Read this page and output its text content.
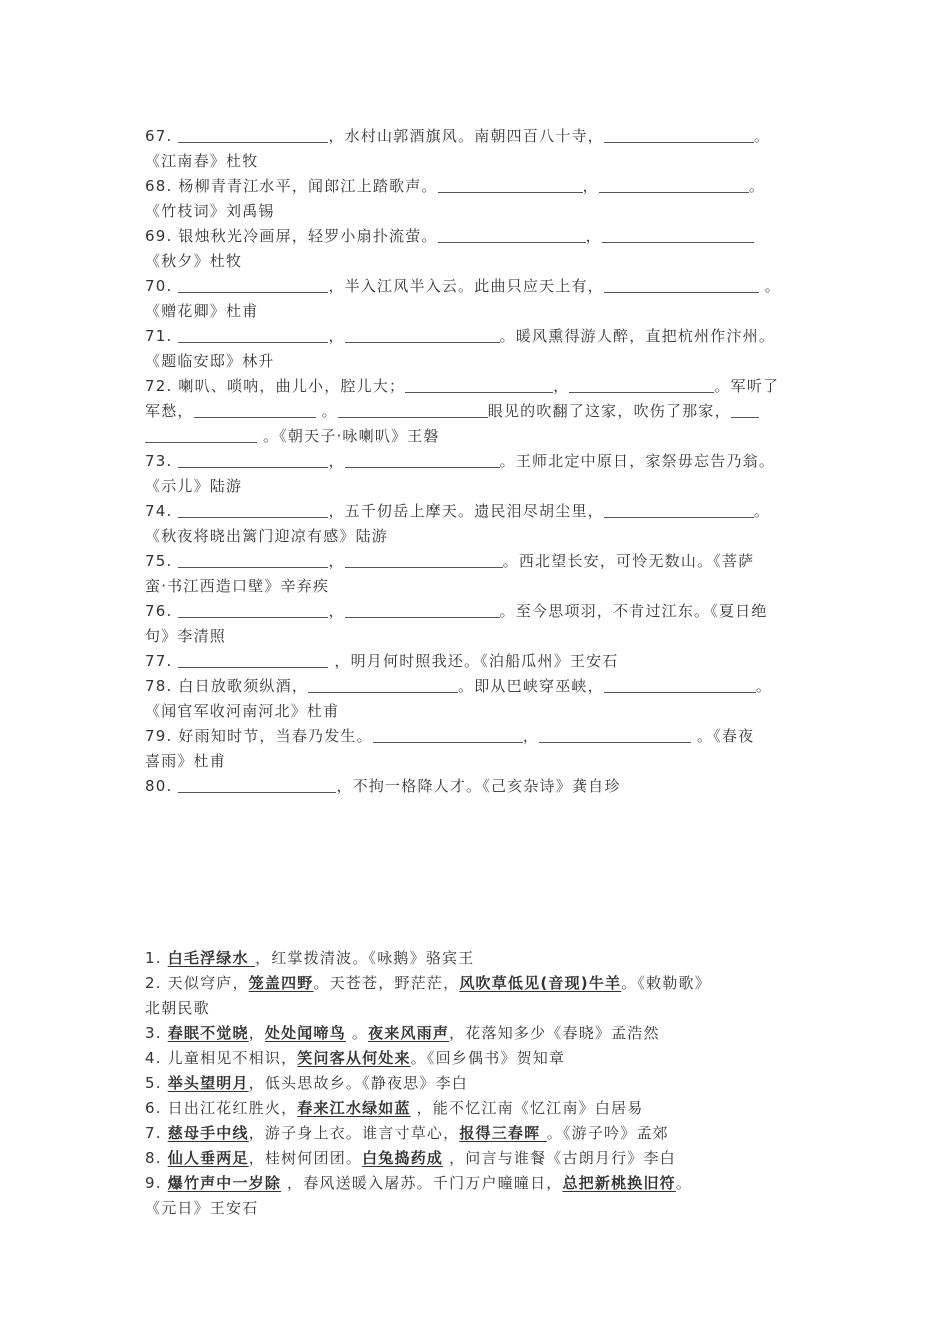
67.	，水村山郭酒旗风。南朝四百八十寺，	。
《江南春》杜牧
68. 杨柳青青江水平，闻郎江上踏歌声。	，	。
《竹枝词》刘禹锡
69. 银烛秋光冷画屏，轻罗小扇扑流萤。	，
《秋夕》杜牧
70.	，半入江风半入云。此曲只应天上有，	。
《赠花卿》杜甫
71.	，	。暖风熏得游人醉，直把杭州作汴州。
《题临安邸》林升
72. 喇叭、唢呐，曲儿小，腔儿大；	，	。军听了
军愁，	。	眼见的吹翻了这家，吹伤了那家，
。《朝天子·咏喇叭》王磐
73.	，	。王师北定中原日，家祭毋忘告乃翁。
《示儿》陆游
74.	，五千仞岳上摩天。遗民泪尽胡尘里，	。
《秋夜将晓出篱门迎凉有感》陆游
75.	，	。西北望长安，可怜无数山。《菩萨
蛮·书江西造口壁》辛弃疾
76.	，	。至今思项羽，不肯过江东。《夏日绝
句》李清照
77.	，明月何时照我还。《泊船瓜州》王安石
78. 白日放歌须纵酒，	。即从巴峡穿巫峡，	。
《闻官军收河南河北》杜甫
79. 好雨知时节，当春乃发生。	，	。《春夜
喜雨》杜甫
80.	，不拘一格降人才。《己亥杂诗》龚自珍
1. 白毛浮绿水 ，红掌拨清波。《咏鹅》骆宾王
2. 天似穹庐，笼盖四野。天苍苍，野茫茫，风吹草低见(音现)牛羊。《敕勒歌》
北朝民歌
3. 春眠不觉晓，处处闻啼鸟 。夜来风雨声，花落知多少《春晓》孟浩然
4. 儿童相见不相识，笑问客从何处来。《回乡偶书》贺知章
5. 举头望明月，低头思故乡。《静夜思》李白
6. 日出江花红胜火，春来江水绿如蓝 ，能不忆江南《忆江南》白居易
7. 慈母手中线，游子身上衣。谁言寸草心，报得三春晖 。《游子吟》孟郊
8. 仙人垂两足，桂树何团团。白兔捣药成 ，问言与谁餐《古朗月行》李白
9. 爆竹声中一岁除 ，春风送暖入屠苏。千门万户曈曈日，总把新桃换旧符。
《元日》王安石
